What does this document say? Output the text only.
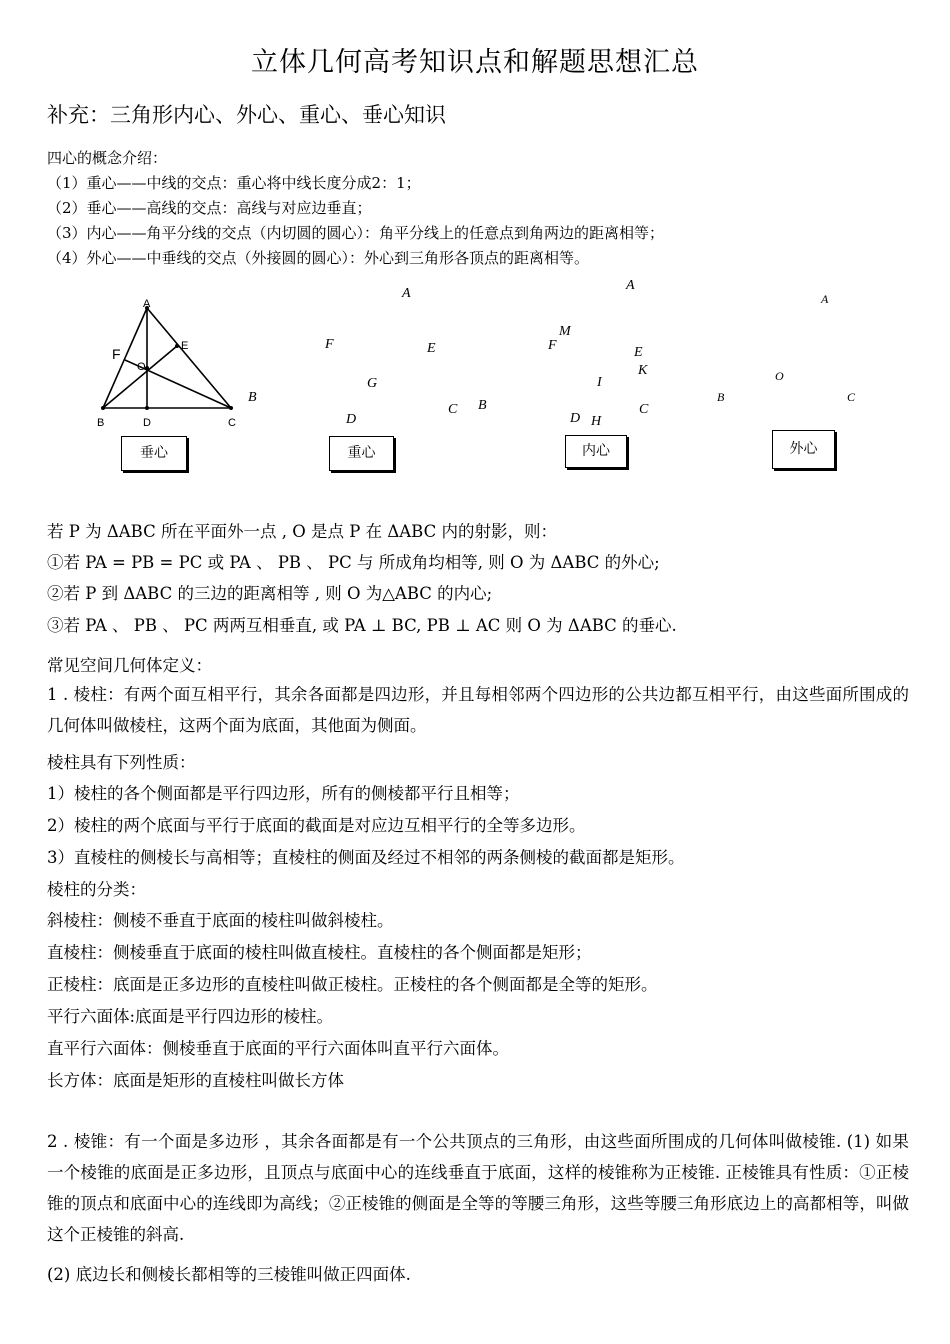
立体几何高考知识点和解题思想汇总
补充：三角形内心、外心、重心、垂心知识
四心的概念介绍：
（1）重心——中线的交点：重心将中线长度分成2：1；
（2）垂心——高线的交点：高线与对应边垂直；
（3）内心——角平分线的交点（内切圆的圆心）：角平分线上的任意点到角两边的距离相等；
（4）外心——中垂线的交点（外接圆的圆心）：外心到三角形各顶点的距离相等。
A
E
F
O
B	D	C
B
垂心
A
F	E
G
D
C B
重心
A
M
F	E
K
I
D H
C
内心
A
O
B	C
外心
若 P 为 ΔABC 所在平面外一点 , O 是点 P 在 ΔABC 内的射影，则：
①若 PA = PB = PC 或 PA 、 PB 、 PC 与 所成角均相等, 则 O 为 ΔABC 的外心;
②若 P 到 ΔABC 的三边的距离相等 , 则 O 为△ABC 的内心;
③若 PA 、 PB 、 PC 两两互相垂直, 或 PA ⊥ BC, PB ⊥ AC 则 O 为 ΔABC 的垂心.
常见空间几何体定义：
1 . 棱柱：有两个面互相平行，其余各面都是四边形，并且每相邻两个四边形的公共边都互相平行，由这些面所围成的几何体叫做棱柱，这两个面为底面，其他面为侧面。
棱柱具有下列性质：
1）棱柱的各个侧面都是平行四边形，所有的侧棱都平行且相等；
2）棱柱的两个底面与平行于底面的截面是对应边互相平行的全等多边形。
3）直棱柱的侧棱长与高相等；直棱柱的侧面及经过不相邻的两条侧棱的截面都是矩形。
棱柱的分类：
斜棱柱：侧棱不垂直于底面的棱柱叫做斜棱柱。
直棱柱：侧棱垂直于底面的棱柱叫做直棱柱。直棱柱的各个侧面都是矩形；
正棱柱：底面是正多边形的直棱柱叫做正棱柱。正棱柱的各个侧面都是全等的矩形。
平行六面体:底面是平行四边形的棱柱。
直平行六面体：侧棱垂直于底面的平行六面体叫直平行六面体。
长方体：底面是矩形的直棱柱叫做长方体
2 . 棱锥：有一个面是多边形 ，其余各面都是有一个公共顶点的三角形，由这些面所围成的几何体叫做棱锥. (1) 如果一个棱锥的底面是正多边形，且顶点与底面中心的连线垂直于底面，这样的棱锥称为正棱锥. 正棱锥具有性质：①正棱锥的顶点和底面中心的连线即为高线；②正棱锥的侧面是全等的等腰三角形，这些等腰三角形底边上的高都相等，叫做这个正棱锥的斜高.
(2) 底边长和侧棱长都相等的三棱锥叫做正四面体.
